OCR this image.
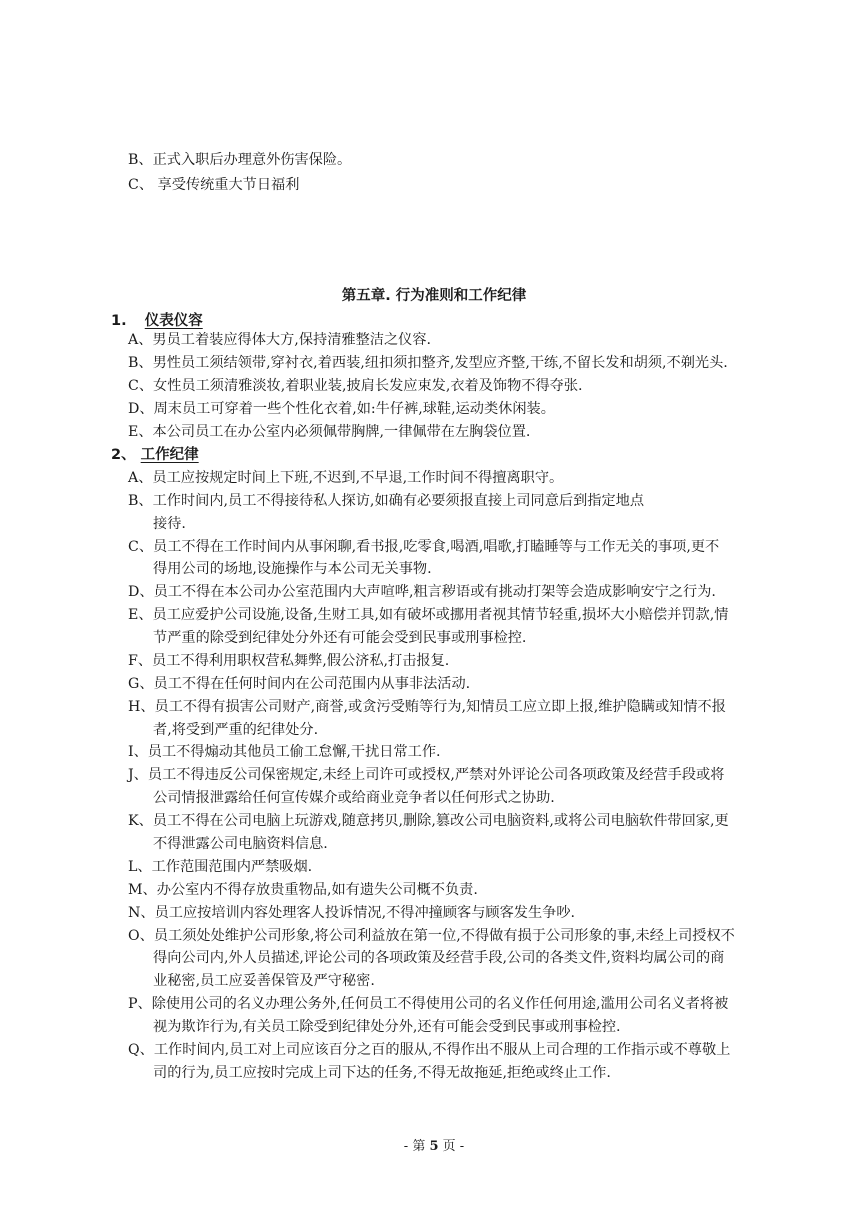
B、正式入职后办理意外伤害保险。
C、 享受传统重大节日福利
第五章. 行为准则和工作纪律
1. 仪表仪容
A、男员工着装应得体大方,保持清雅整洁之仪容.
B、男性员工须结领带,穿衬衣,着西装,纽扣须扣整齐,发型应齐整,干练,不留长发和胡须,不剃光头.
C、女性员工须清雅淡妆,着职业装,披肩长发应束发,衣着及饰物不得夺张.
D、周末员工可穿着一些个性化衣着,如:牛仔裤,球鞋,运动类休闲装。
E、本公司员工在办公室内必须佩带胸牌,一律佩带在左胸袋位置.
2、 工作纪律
A、员工应按规定时间上下班,不迟到,不早退,工作时间不得擅离职守。
B、工作时间内,员工不得接待私人探访,如确有必要须报直接上司同意后到指定地点
接待.
C、员工不得在工作时间内从事闲聊,看书报,吃零食,喝酒,唱歌,打瞌睡等与工作无关的事项,更不
得用公司的场地,设施操作与本公司无关事物.
D、员工不得在本公司办公室范围内大声喧哗,粗言秽语或有挑动打架等会造成影响安宁之行为.
E、员工应爱护公司设施,设备,生财工具,如有破坏或挪用者视其情节轻重,损坏大小赔偿并罚款,情
节严重的除受到纪律处分外还有可能会受到民事或刑事检控.
F、员工不得利用职权营私舞弊,假公济私,打击报复.
G、员工不得在任何时间内在公司范围内从事非法活动.
H、员工不得有损害公司财产,商誉,或贪污受贿等行为,知情员工应立即上报,维护隐瞒或知情不报
者,将受到严重的纪律处分.
I、员工不得煽动其他员工偷工怠懈,干扰日常工作.
J、员工不得违反公司保密规定,未经上司许可或授权,严禁对外评论公司各项政策及经营手段或将
公司情报泄露给任何宣传媒介或给商业竞争者以任何形式之协助.
K、员工不得在公司电脑上玩游戏,随意拷贝,删除,篡改公司电脑资料,或将公司电脑软件带回家,更
不得泄露公司电脑资料信息.
L、工作范围范围内严禁吸烟.
M、办公室内不得存放贵重物品,如有遗失公司概不负责.
N、员工应按培训内容处理客人投诉情况,不得冲撞顾客与顾客发生争吵.
O、员工须处处维护公司形象,将公司利益放在第一位,不得做有损于公司形象的事,未经上司授权不
得向公司内,外人员描述,评论公司的各项政策及经营手段,公司的各类文件,资料均属公司的商
业秘密,员工应妥善保管及严守秘密.
P、除使用公司的名义办理公务外,任何员工不得使用公司的名义作任何用途,滥用公司名义者将被
视为欺诈行为,有关员工除受到纪律处分外,还有可能会受到民事或刑事检控.
Q、工作时间内,员工对上司应该百分之百的服从,不得作出不服从上司合理的工作指示或不尊敬上
司的行为,员工应按时完成上司下达的任务,不得无故拖延,拒绝或终止工作.
- 第 5 页 -
